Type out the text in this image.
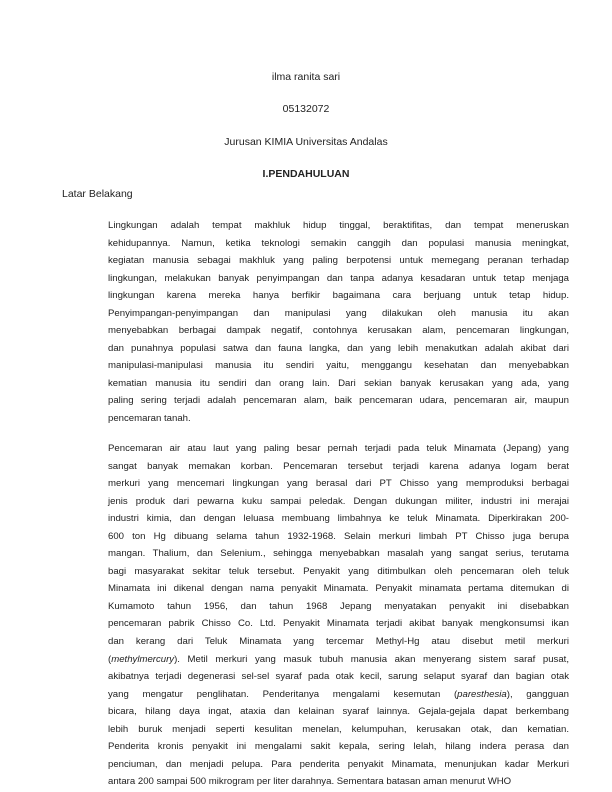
ilma ranita sari
05132072
Jurusan KIMIA Universitas Andalas
I.PENDAHULUAN
Latar Belakang
Lingkungan adalah tempat makhluk hidup tinggal, beraktifitas, dan tempat meneruskan
kehidupannya. Namun, ketika teknologi semakin canggih dan populasi manusia meningkat,
kegiatan manusia sebagai makhluk yang paling berpotensi untuk memegang peranan terhadap
lingkungan, melakukan banyak penyimpangan dan tanpa adanya kesadaran untuk tetap menjaga
lingkungan karena mereka hanya berfikir bagaimana cara berjuang untuk tetap hidup.
Penyimpangan-penyimpangan dan manipulasi yang dilakukan oleh manusia itu akan
menyebabkan berbagai dampak negatif, contohnya kerusakan alam, pencemaran lingkungan,
dan punahnya populasi satwa dan fauna langka, dan yang lebih menakutkan adalah akibat dari
manipulasi-manipulasi manusia itu sendiri yaitu, menggangu kesehatan dan menyebabkan
kematian manusia itu sendiri dan orang lain. Dari sekian banyak kerusakan yang ada, yang
paling sering terjadi adalah pencemaran alam, baik pencemaran udara, pencemaran air, maupun
pencemaran tanah.
Pencemaran air atau laut yang paling besar pernah terjadi pada teluk Minamata (Jepang) yang
sangat banyak memakan korban. Pencemaran tersebut terjadi karena adanya logam berat
merkuri yang mencemari lingkungan yang berasal dari PT Chisso yang memproduksi berbagai
jenis produk dari pewarna kuku sampai peledak. Dengan dukungan militer, industri ini merajai
industri kimia, dan dengan leluasa membuang limbahnya ke teluk Minamata. Diperkirakan 200-
600 ton Hg dibuang selama tahun 1932-1968. Selain merkuri limbah PT Chisso juga berupa
mangan. Thalium, dan Selenium., sehingga menyebabkan masalah yang sangat serius, terutama
bagi masyarakat sekitar teluk tersebut. Penyakit yang ditimbulkan oleh pencemaran oleh teluk
Minamata ini dikenal dengan nama penyakit Minamata. Penyakit minamata pertama ditemukan di
Kumamoto tahun 1956, dan tahun 1968 Jepang menyatakan penyakit ini disebabkan
pencemaran pabrik Chisso Co. Ltd. Penyakit Minamata terjadi akibat banyak mengkonsumsi ikan
dan kerang dari Teluk Minamata yang tercemar Methyl-Hg atau disebut metil merkuri
(methylmercury). Metil merkuri yang masuk tubuh manusia akan menyerang sistem saraf pusat,
akibatnya terjadi degenerasi sel-sel syaraf pada otak kecil, sarung selaput syaraf dan bagian otak
yang mengatur penglihatan. Penderitanya mengalami kesemutan (paresthesia), gangguan
bicara, hilang daya ingat, ataxia dan kelainan syaraf lainnya. Gejala-gejala dapat berkembang
lebih buruk menjadi seperti kesulitan menelan, kelumpuhan, kerusakan otak, dan kematian.
Penderita kronis penyakit ini mengalami sakit kepala, sering lelah, hilang indera perasa dan
penciuman, dan menjadi pelupa. Para penderita penyakit Minamata, menunjukan kadar Merkuri
antara 200 sampai 500 mikrogram per liter darahnya. Sementara batasan aman menurut WHO
